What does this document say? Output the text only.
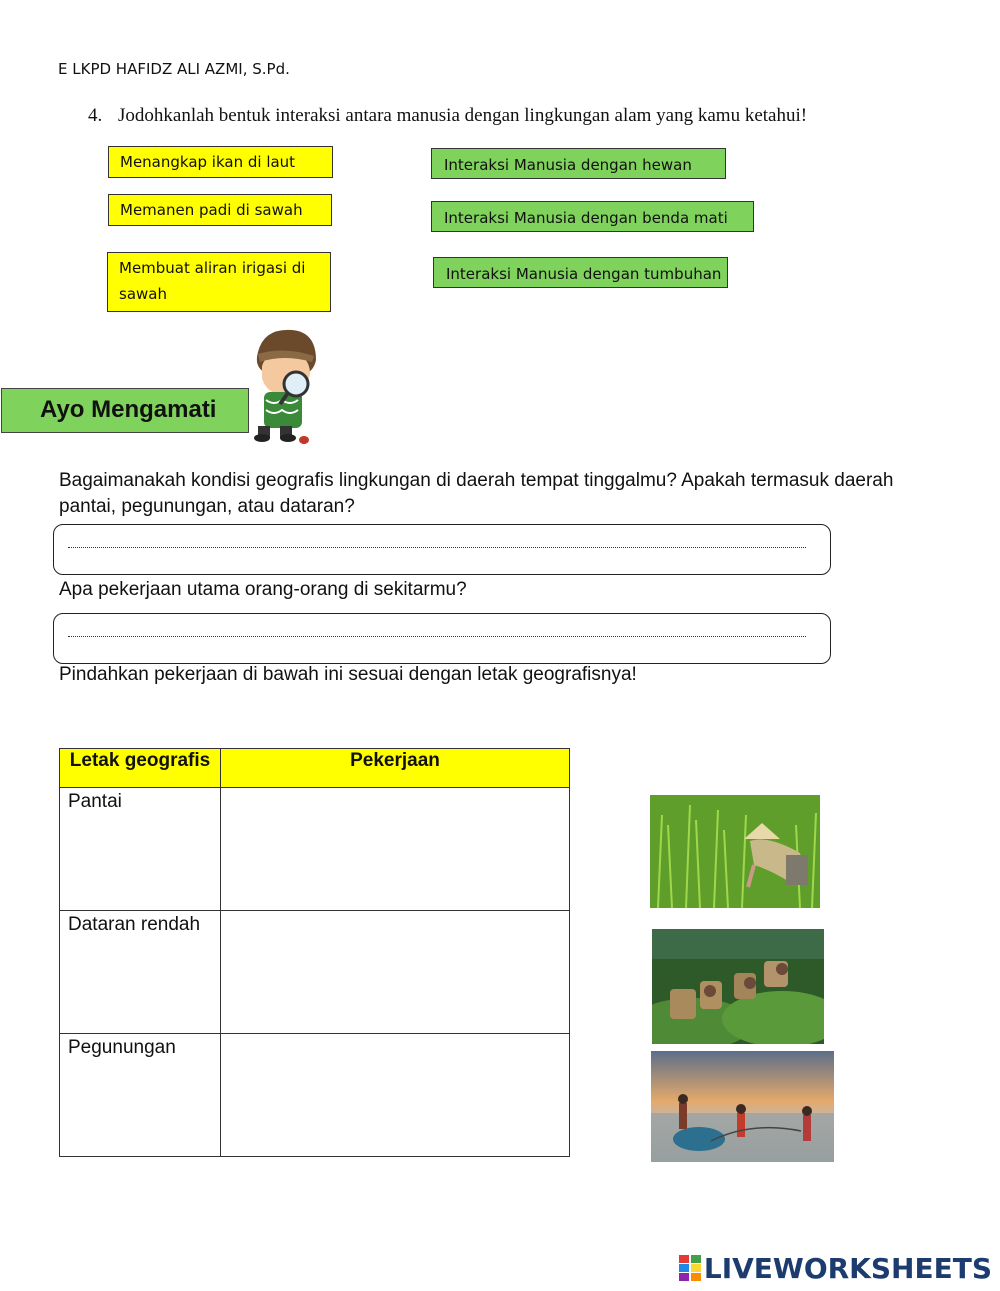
E LKPD HAFIDZ ALI AZMI, S.Pd.
4. Jodohkanlah bentuk interaksi antara manusia dengan lingkungan alam yang kamu ketahui!
Menangkap ikan di laut
Memanen padi di sawah
Membuat aliran irigasi di sawah
Interaksi Manusia dengan hewan
Interaksi Manusia dengan benda mati
Interaksi Manusia dengan tumbuhan
Ayo Mengamati
Bagaimanakah kondisi geografis lingkungan di daerah tempat tinggalmu? Apakah termasuk daerah pantai, pegunungan, atau dataran?
Apa pekerjaan utama orang-orang di sekitarmu?
Pindahkan pekerjaan di bawah ini sesuai dengan letak geografisnya!
Letak geografis	Pekerjaan
Pantai	
Dataran rendah	
Pegunungan	
LIVEWORKSHEETS
